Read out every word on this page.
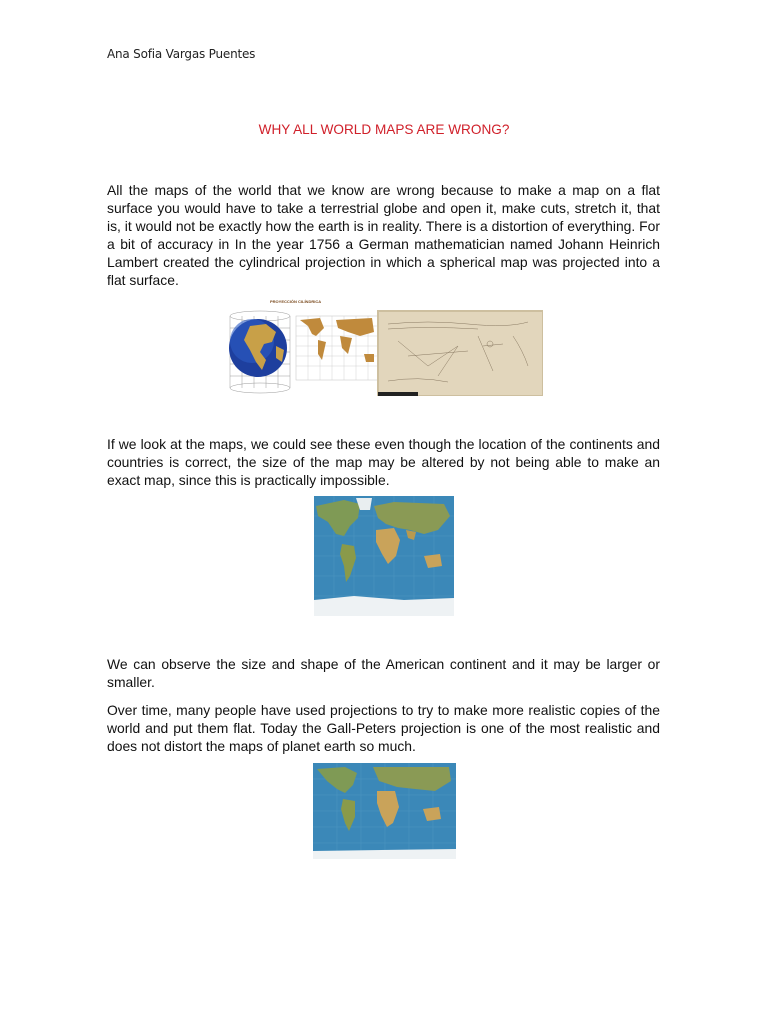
Ana Sofia Vargas Puentes
WHY ALL WORLD MAPS ARE WRONG?

All the maps of the world that we know are wrong because to make a map on a flat surface you would have to take a terrestrial globe and open it, make cuts, stretch it, that is, it would not be exactly how the earth is in reality. There is a distortion of everything. For a bit of accuracy in In the year 1756 a German mathematician named Johann Heinrich Lambert created the cylindrical projection in which a spherical map was projected into a flat surface.

PROYECCIÓN CILÍNDRICA

If we look at the maps, we could see these even though the location of the continents and countries is correct, the size of the map may be altered by not being able to make an exact map, since this is practically impossible.

We can observe the size and shape of the American continent and it may be larger or smaller.

Over time, many people have used projections to try to make more realistic copies of the world and put them flat. Today the Gall-Peters projection is one of the most realistic and does not distort the maps of planet earth so much.
